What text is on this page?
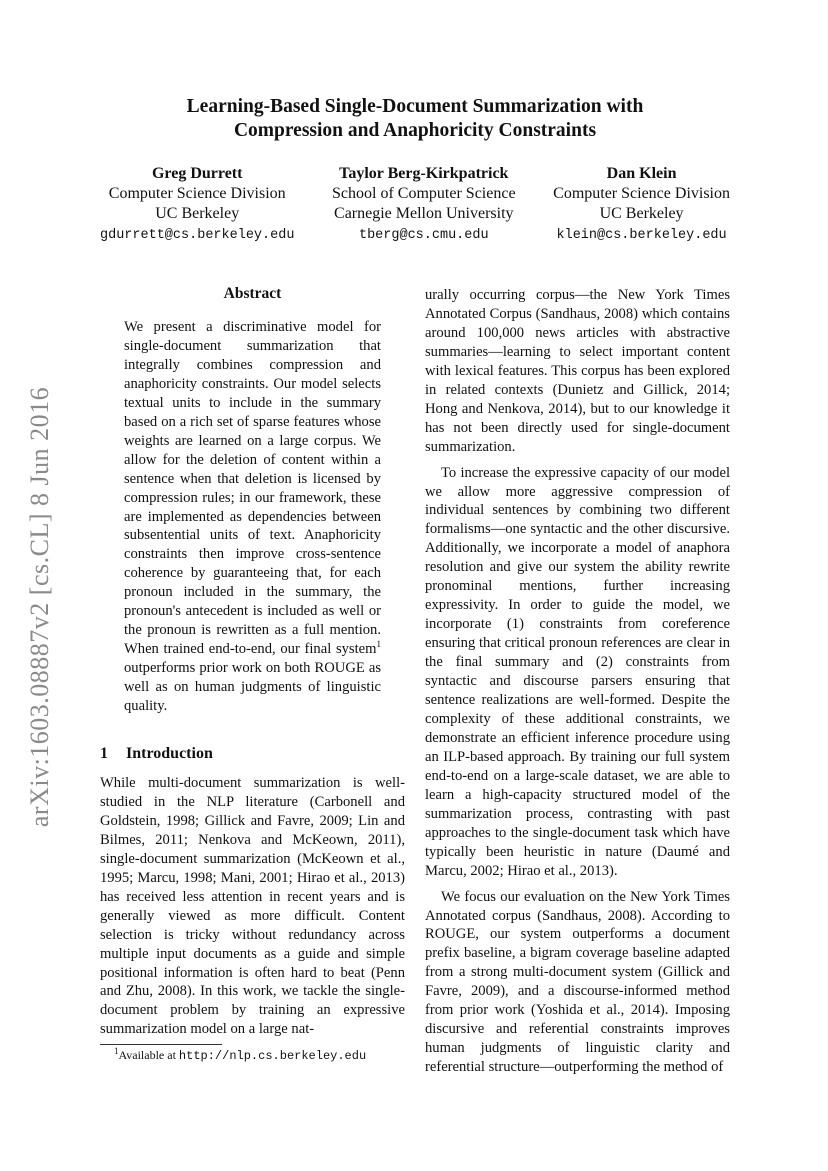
arXiv:1603.08887v2 [cs.CL] 8 Jun 2016
Learning-Based Single-Document Summarization with
Compression and Anaphoricity Constraints
Greg Durrett
Computer Science Division
UC Berkeley
gdurrett@cs.berkeley.edu
Taylor Berg-Kirkpatrick
School of Computer Science
Carnegie Mellon University
tberg@cs.cmu.edu
Dan Klein
Computer Science Division
UC Berkeley
klein@cs.berkeley.edu
Abstract

We present a discriminative model for single-document summarization that integrally combines compression and anaphoricity constraints. Our model selects textual units to include in the summary based on a rich set of sparse features whose weights are learned on a large corpus. We allow for the deletion of content within a sentence when that deletion is licensed by compression rules; in our framework, these are implemented as dependencies between subsentential units of text. Anaphoricity constraints then improve cross-sentence coherence by guaranteeing that, for each pronoun included in the summary, the pronoun's antecedent is included as well or the pronoun is rewritten as a full mention. When trained end-to-end, our final system$^1$ outperforms prior work on both ROUGE as well as on human judgments of linguistic quality.

1 Introduction

While multi-document summarization is well-studied in the NLP literature (Carbonell and Goldstein, 1998; Gillick and Favre, 2009; Lin and Bilmes, 2011; Nenkova and McKeown, 2011), single-document summarization (McKeown et al., 1995; Marcu, 1998; Mani, 2001; Hirao et al., 2013) has received less attention in recent years and is generally viewed as more difficult. Content selection is tricky without redundancy across multiple input documents as a guide and simple positional information is often hard to beat (Penn and Zhu, 2008). In this work, we tackle the single-document problem by training an expressive summarization model on a large nat-

urally occurring corpus—the New York Times Annotated Corpus (Sandhaus, 2008) which contains around 100,000 news articles with abstractive summaries—learning to select important content with lexical features. This corpus has been explored in related contexts (Dunietz and Gillick, 2014; Hong and Nenkova, 2014), but to our knowledge it has not been directly used for single-document summarization.

To increase the expressive capacity of our model we allow more aggressive compression of individual sentences by combining two different formalisms—one syntactic and the other discursive. Additionally, we incorporate a model of anaphora resolution and give our system the ability rewrite pronominal mentions, further increasing expressivity. In order to guide the model, we incorporate (1) constraints from coreference ensuring that critical pronoun references are clear in the final summary and (2) constraints from syntactic and discourse parsers ensuring that sentence realizations are well-formed. Despite the complexity of these additional constraints, we demonstrate an efficient inference procedure using an ILP-based approach. By training our full system end-to-end on a large-scale dataset, we are able to learn a high-capacity structured model of the summarization process, contrasting with past approaches to the single-document task which have typically been heuristic in nature (Daumé and Marcu, 2002; Hirao et al., 2013).

We focus our evaluation on the New York Times Annotated corpus (Sandhaus, 2008). According to ROUGE, our system outperforms a document prefix baseline, a bigram coverage baseline adapted from a strong multi-document system (Gillick and Favre, 2009), and a discourse-informed method from prior work (Yoshida et al., 2014). Imposing discursive and referential constraints improves human judgments of linguistic clarity and referential structure—outperforming the method of

$^1$Available at http://nlp.cs.berkeley.edu
